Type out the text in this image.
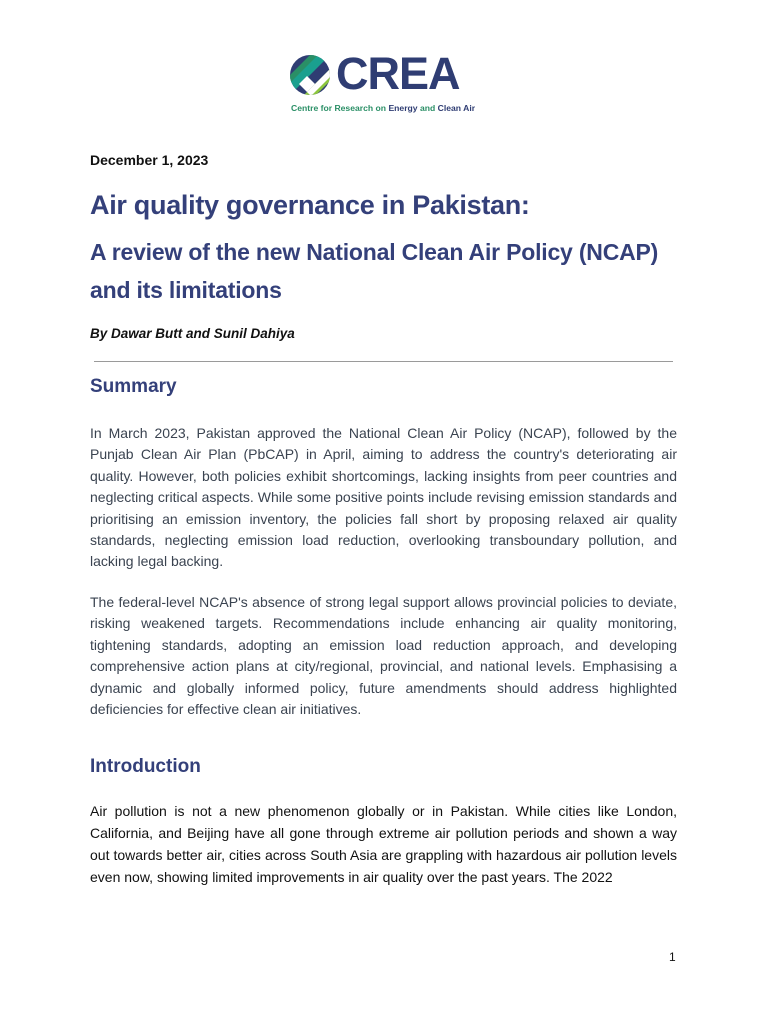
CREA
Centre for Research on Energy and Clean Air
December 1, 2023
Air quality governance in Pakistan:
A review of the new National Clean Air Policy (NCAP) and its limitations
By Dawar Butt and Sunil Dahiya
Summary
In March 2023, Pakistan approved the National Clean Air Policy (NCAP), followed by the Punjab Clean Air Plan (PbCAP) in April, aiming to address the country's deteriorating air quality. However, both policies exhibit shortcomings, lacking insights from peer countries and neglecting critical aspects. While some positive points include revising emission standards and prioritising an emission inventory, the policies fall short by proposing relaxed air quality standards, neglecting emission load reduction, overlooking transboundary pollution, and lacking legal backing.
The federal-level NCAP's absence of strong legal support allows provincial policies to deviate, risking weakened targets. Recommendations include enhancing air quality monitoring, tightening standards, adopting an emission load reduction approach, and developing comprehensive action plans at city/regional, provincial, and national levels. Emphasising a dynamic and globally informed policy, future amendments should address highlighted deficiencies for effective clean air initiatives.
Introduction
Air pollution is not a new phenomenon globally or in Pakistan. While cities like London, California, and Beijing have all gone through extreme air pollution periods and shown a way out towards better air, cities across South Asia are grappling with hazardous air pollution levels even now, showing limited improvements in air quality over the past years. The 2022
1
